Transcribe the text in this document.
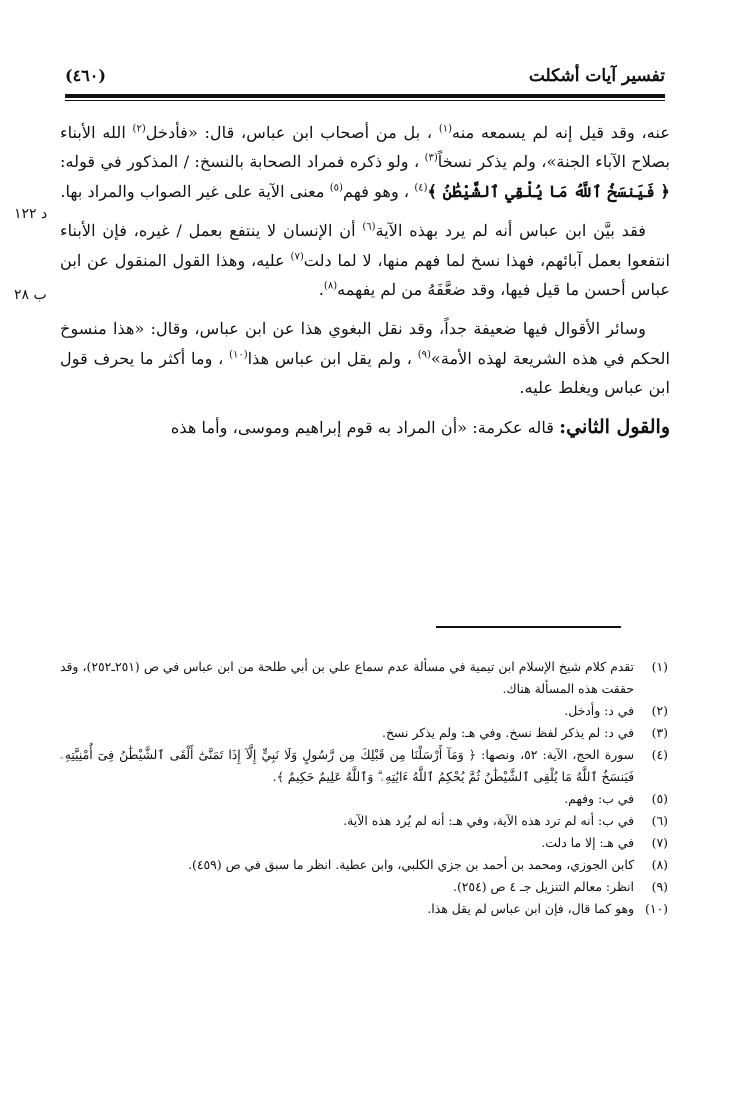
تفسير آيات أشكلت
(٤٦٠)
د ١٢٢
ب ٢٨

عنه، وقد قيل إنه لم يسمعه منه$^{(١)}$ ، بل من أصحاب ابن عباس، قال: «فأدخل$^{(٢)}$ الله الأبناء بصلاح الآباء الجنة»، ولم يذكر نسخاً$^{(٣)}$ ، ولو ذكره فمراد الصحابة بالنسخ: / المذكور في قوله: ﴿ فَيَنسَخُ ٱللَّهُ مَا يُلْقِي ٱلشَّيْطَٰنُ ﴾$^{(٤)}$ ، وهو فهم$^{(٥)}$ معنى الآية على غير الصواب والمراد بها.

فقد بيَّن ابن عباس أنه لم يرد بهذه الآية$^{(٦)}$ أن الإنسان لا ينتفع بعمل / غيره، فإن الأبناء انتفعوا بعمل آبائهم، فهذا نسخ لما فهم منها، لا لما دلت$^{(٧)}$ عليه، وهذا القول المنقول عن ابن عباس أحسن ما قيل فيها، وقد ضعَّفَهُ من لم يفهمه$^{(٨)}$.

وسائر الأقوال فيها ضعيفة جداً، وقد نقل البغوي هذا عن ابن عباس، وقال: «هذا منسوخ الحكم في هذه الشريعة لهذه الأمة»$^{(٩)}$ ، ولم يقل ابن عباس هذا$^{(١٠)}$ ، وما أكثر ما يحرف قول ابن عباس ويغلط عليه.

والقول الثاني: قاله عكرمة: «أن المراد به قوم إبراهيم وموسى، وأما هذه

(١)
تقدم كلام شيخ الإسلام ابن تيمية في مسألة عدم سماع علي بن أبي طلحة من ابن عباس في ص (٢٥١ـ٢٥٢)، وقد حققت هذه المسألة هناك.
(٢)
في د: وأدخل.
(٣)
في د: لم يذكر لفظ نسخ. وفي هـ: ولم يذكر نسخ.
(٤)
سورة الحج، الآية: ٥٢، ونصها: ﴿ وَمَآ أَرْسَلْنَا مِن قَبْلِكَ مِن رَّسُولٍ وَلَا نَبِيٍّ إِلَّآ إِذَا تَمَنَّىٰٓ أَلْقَى ٱلشَّيْطَٰنُ فِىٓ أُمْنِيَّتِهِۦ فَيَنسَخُ ٱللَّهُ مَا يُلْقِى ٱلشَّيْطَٰنُ ثُمَّ يُحْكِمُ ٱللَّهُ ءَايَٰتِهِۦ ۗ وَٱللَّهُ عَلِيمٌ حَكِيمٌ ﴾.
(٥)
في ب: وفهم.
(٦)
في ب: أنه لم ترد هذه الآية، وفي هـ: أنه لم يُرد هذه الآية.
(٧)
في هـ: إلا ما دلت.
(٨)
كابن الجوزي، ومحمد بن أحمد بن جزي الكلبي، وابن عطية. انظر ما سبق في ص (٤٥٩).
(٩)
انظر: معالم التنزيل جـ ٤ ص (٢٥٤).
(١٠)
وهو كما قال، فإن ابن عباس لم يقل هذا.
